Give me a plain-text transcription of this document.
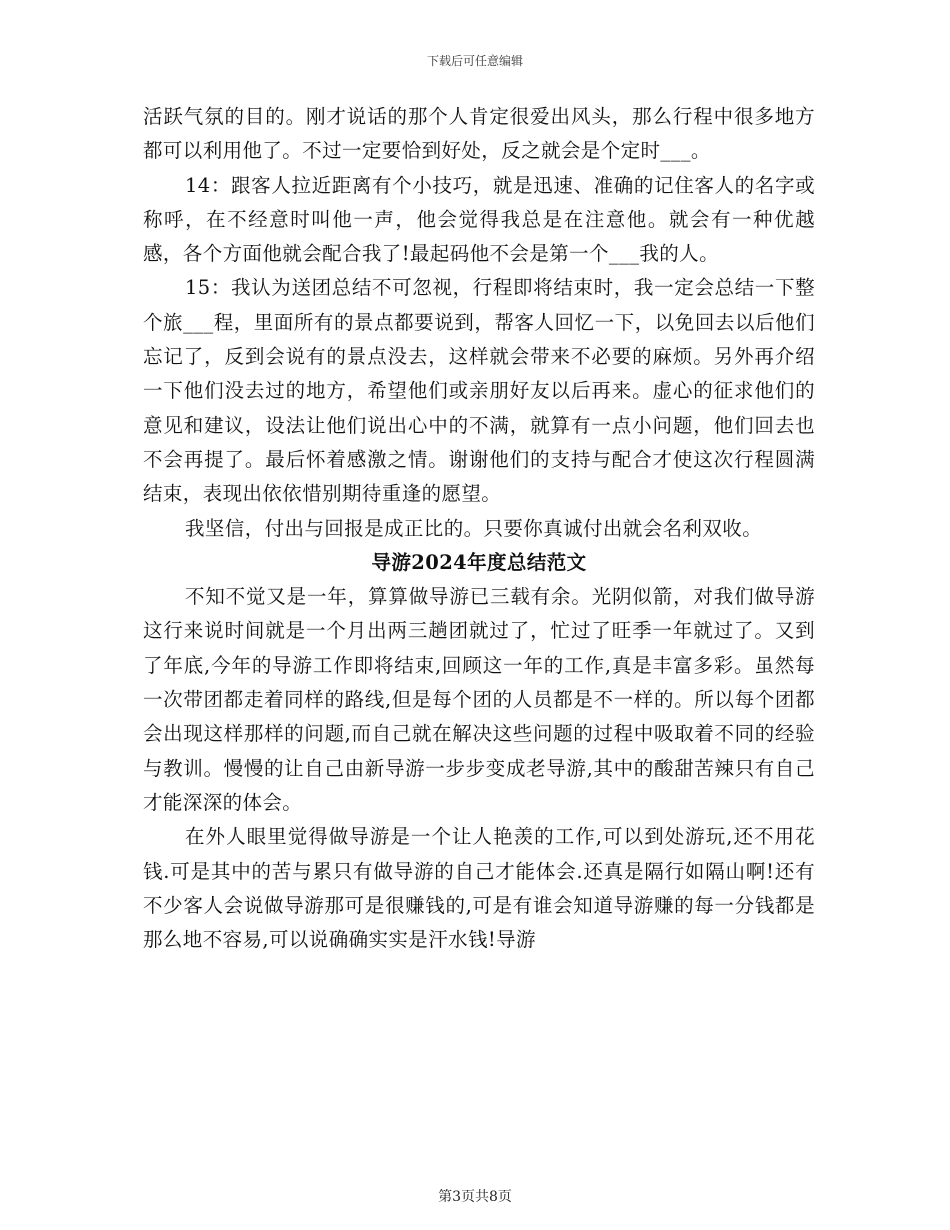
下载后可任意编辑

活跃气氛的目的。刚才说话的那个人肯定很爱出风头，那么行程中很多地方都可以利用他了。不过一定要恰到好处，反之就会是个定时___。

14：跟客人拉近距离有个小技巧，就是迅速、准确的记住客人的名字或称呼，在不经意时叫他一声，他会觉得我总是在注意他。就会有一种优越感，各个方面他就会配合我了!最起码他不会是第一个___我的人。

15：我认为送团总结不可忽视，行程即将结束时，我一定会总结一下整个旅___程，里面所有的景点都要说到，帮客人回忆一下，以免回去以后他们忘记了，反到会说有的景点没去，这样就会带来不必要的麻烦。另外再介绍一下他们没去过的地方，希望他们或亲朋好友以后再来。虚心的征求他们的意见和建议，设法让他们说出心中的不满，就算有一点小问题，他们回去也不会再提了。最后怀着感激之情。谢谢他们的支持与配合才使这次行程圆满结束，表现出依依惜别期待重逢的愿望。

我坚信，付出与回报是成正比的。只要你真诚付出就会名利双收。

导游2024年度总结范文

不知不觉又是一年，算算做导游已三载有余。光阴似箭，对我们做导游这行来说时间就是一个月出两三趟团就过了，忙过了旺季一年就过了。又到了年底,今年的导游工作即将结束,回顾这一年的工作,真是丰富多彩。虽然每一次带团都走着同样的路线,但是每个团的人员都是不一样的。所以每个团都会出现这样那样的问题,而自己就在解决这些问题的过程中吸取着不同的经验与教训。慢慢的让自己由新导游一步步变成老导游,其中的酸甜苦辣只有自己才能深深的体会。

在外人眼里觉得做导游是一个让人艳羡的工作,可以到处游玩,还不用花钱.可是其中的苦与累只有做导游的自己才能体会.还真是隔行如隔山啊!还有不少客人会说做导游那可是很赚钱的,可是有谁会知道导游赚的每一分钱都是那么地不容易,可以说确确实实是汗水钱!导游

第3页共8页
